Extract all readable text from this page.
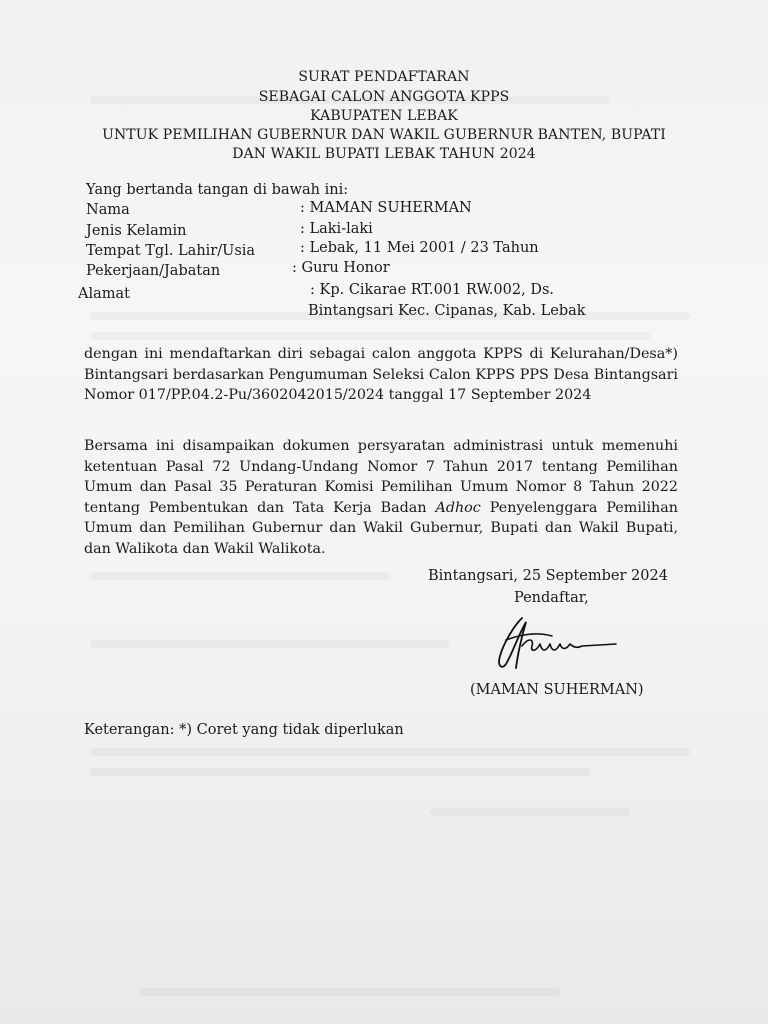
SURAT PENDAFTARAN
SEBAGAI CALON ANGGOTA KPPS
KABUPATEN LEBAK
UNTUK PEMILIHAN GUBERNUR DAN WAKIL GUBERNUR BANTEN, BUPATI
DAN WAKIL BUPATI LEBAK TAHUN 2024
Yang bertanda tangan di bawah ini:
Nama	: MAMAN SUHERMAN
Jenis Kelamin	: Laki-laki
Tempat Tgl. Lahir/Usia	: Lebak, 11 Mei 2001 / 23 Tahun
Pekerjaan/Jabatan	: Guru Honor
Alamat	: Kp. Cikarae RT.001 RW.002, Ds.
Bintangsari Kec. Cipanas, Kab. Lebak

dengan ini mendaftarkan diri sebagai calon anggota KPPS di Kelurahan/Desa*) Bintangsari berdasarkan Pengumuman Seleksi Calon KPPS PPS Desa Bintangsari Nomor 017/PP.04.2-Pu/3602042015/2024 tanggal 17 September 2024

Bersama ini disampaikan dokumen persyaratan administrasi untuk memenuhi ketentuan Pasal 72 Undang-Undang Nomor 7 Tahun 2017 tentang Pemilihan Umum dan Pasal 35 Peraturan Komisi Pemilihan Umum Nomor 8 Tahun 2022 tentang Pembentukan dan Tata Kerja Badan Adhoc Penyelenggara Pemilihan Umum dan Pemilihan Gubernur dan Wakil Gubernur, Bupati dan Wakil Bupati, dan Walikota dan Wakil Walikota.

Bintangsari, 25 September 2024
Pendaftar,
(MAMAN SUHERMAN)
Keterangan: *) Coret yang tidak diperlukan
